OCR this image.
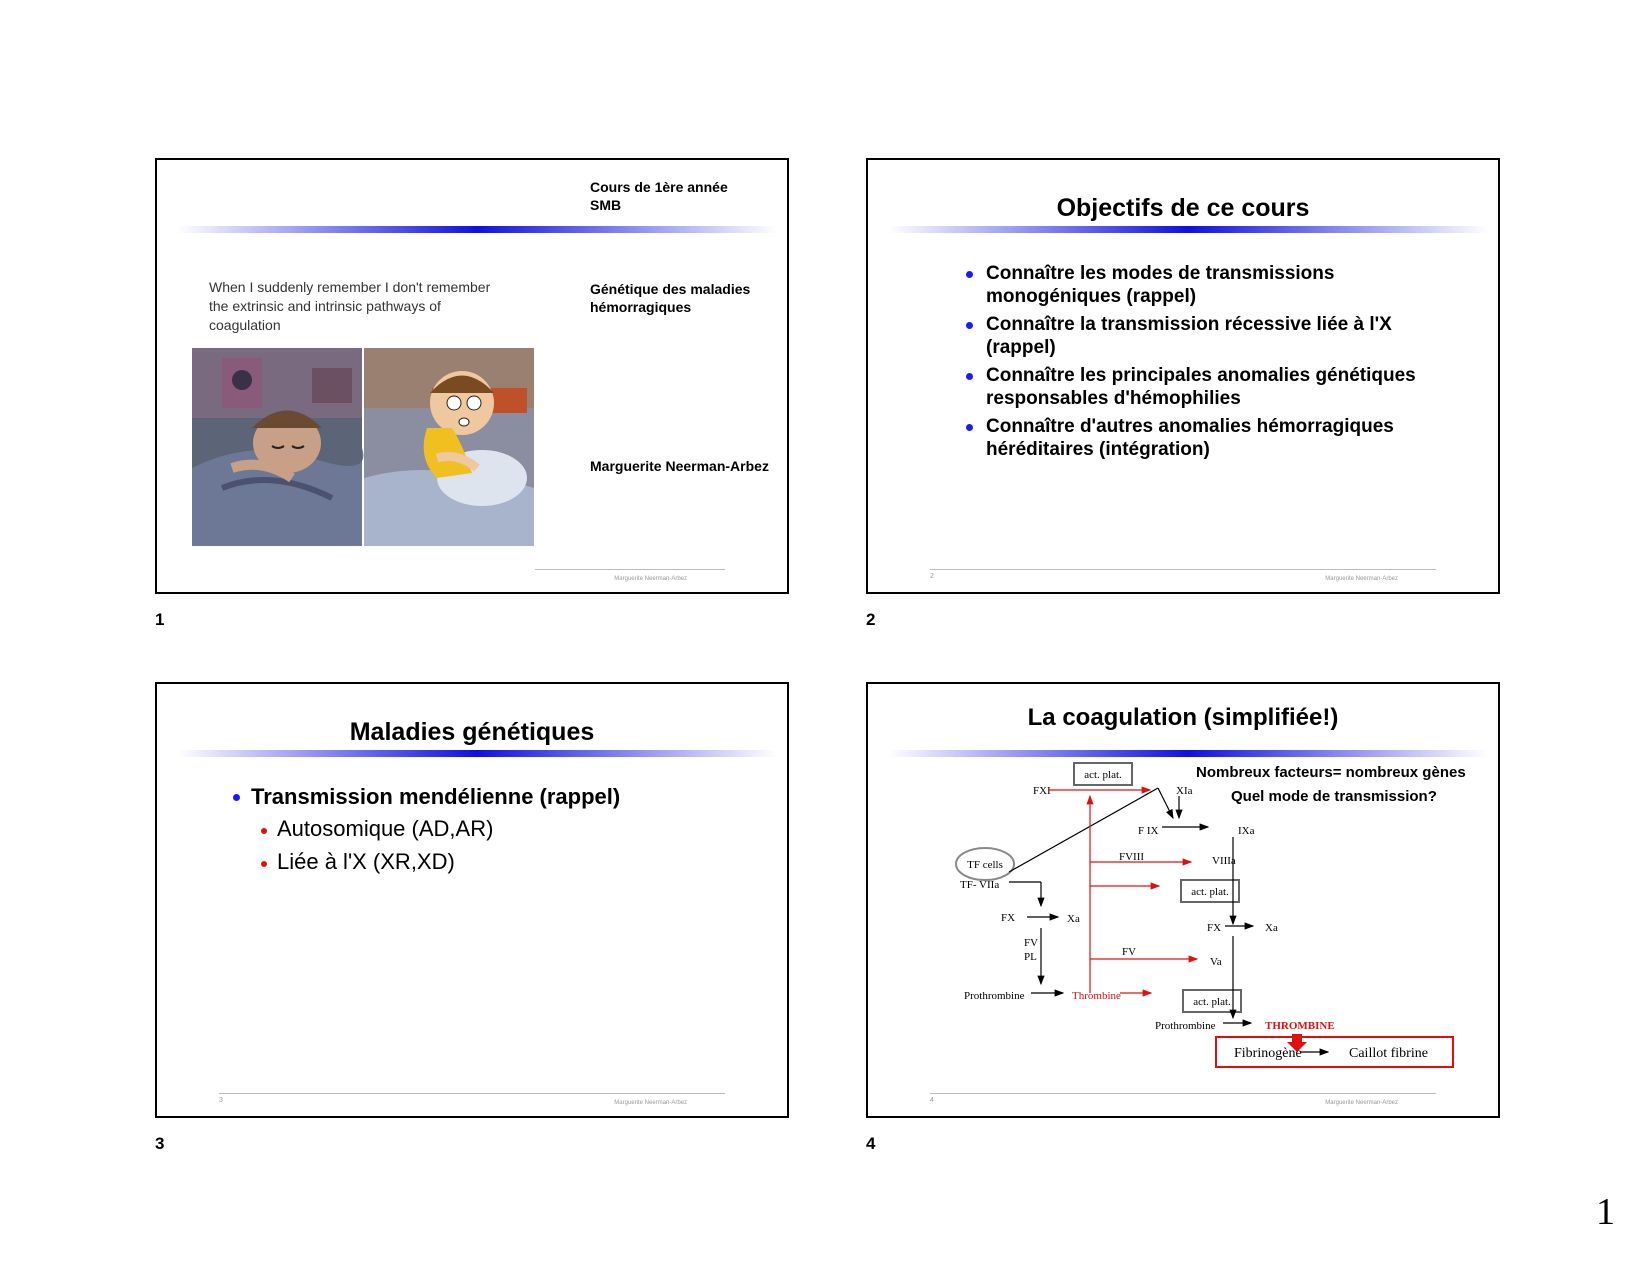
Cours de 1ère année
SMB
When I suddenly remember I don't remember the extrinsic and intrinsic pathways of coagulation
Génétique des maladies hémorragiques
Marguerite Neerman-Arbez
Marguerite Neerman-Arbez
1
Objectifs de ce cours
Connaître les modes de transmissions monogéniques (rappel)
Connaître la transmission récessive liée à l'X (rappel)
Connaître les principales anomalies génétiques responsables d'hémophilies
Connaître d'autres anomalies hémorragiques héréditaires (intégration)
2	Marguerite Neerman-Arbez
2
Maladies génétiques
Transmission mendélienne (rappel)
Autosomique (AD,AR)
Liée à l'X (XR,XD)
3	Marguerite Neerman-Arbez
3
La coagulation (simplifiée!)
Nombreux facteurs= nombreux gènes
Quel mode de transmission?
act. plat.
act. plat.
act. plat.
TF cells
FXI	XIa
F IX	IXa
FVIII	VIIIa
TF- VIIa
FX	Xa
FX	Xa
FV
PL	FV
Va
Prothrombine	Thrombine
Prothrombine	THROMBINE
Fibrinogène	Caillot fibrine
4	Marguerite Neerman-Arbez
4
1
